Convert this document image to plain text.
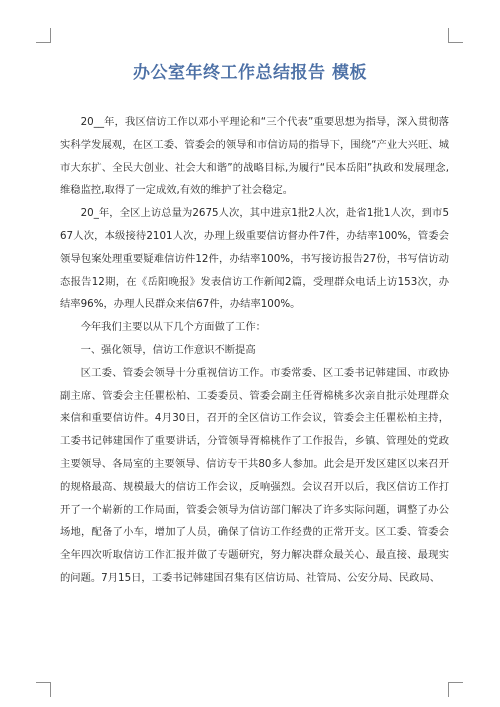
办公室年终工作总结报告 模板

20__年，我区信访工作以邓小平理论和“三个代表”重要思想为指导，深入贯彻落实科学发展观，在区工委、管委会的领导和市信访局的指导下，围绕“产业大兴旺、城市大东扩、全民大创业、社会大和谐”的战略目标,为履行“民本岳阳”执政和发展理念,维稳监控,取得了一定成效,有效的维护了社会稳定。

20_年，全区上访总量为2675人次，其中进京1批2人次，赴省1批1人次，到市567人次，本级接待2101人次，办理上级重要信访督办件7件，办结率100%，管委会领导包案处理重要疑难信访件12件，办结率100%，书写接访报告27份，书写信访动态报告12期，在《岳阳晚报》发表信访工作新闻2篇，受理群众电话上访153次，办结率96%，办理人民群众来信67件，办结率100%。

今年我们主要以从下几个方面做了工作：

一、强化领导，信访工作意识不断提高

区工委、管委会领导十分重视信访工作。市委常委、区工委书记韩建国、市政协副主席、管委会主任瞿松柏、工委委员、管委会副主任胥棉桃多次亲自批示处理群众来信和重要信访件。4月30日，召开的全区信访工作会议，管委会主任瞿松柏主持，工委书记韩建国作了重要讲话，分管领导胥棉桃作了工作报告，乡镇、管理处的党政主要领导、各局室的主要领导、信访专干共80多人参加。此会是开发区建区以来召开的规格最高、规模最大的信访工作会议，反响强烈。会议召开以后，我区信访工作打开了一个崭新的工作局面，管委会领导为信访部门解决了许多实际问题，调整了办公场地，配备了小车，增加了人员，确保了信访工作经费的正常开支。区工委、管委会全年四次听取信访工作汇报并做了专题研究，努力解决群众最关心、最直接、最现实的问题。7月15日，工委书记韩建国召集有区信访局、社管局、公安分局、民政局、
